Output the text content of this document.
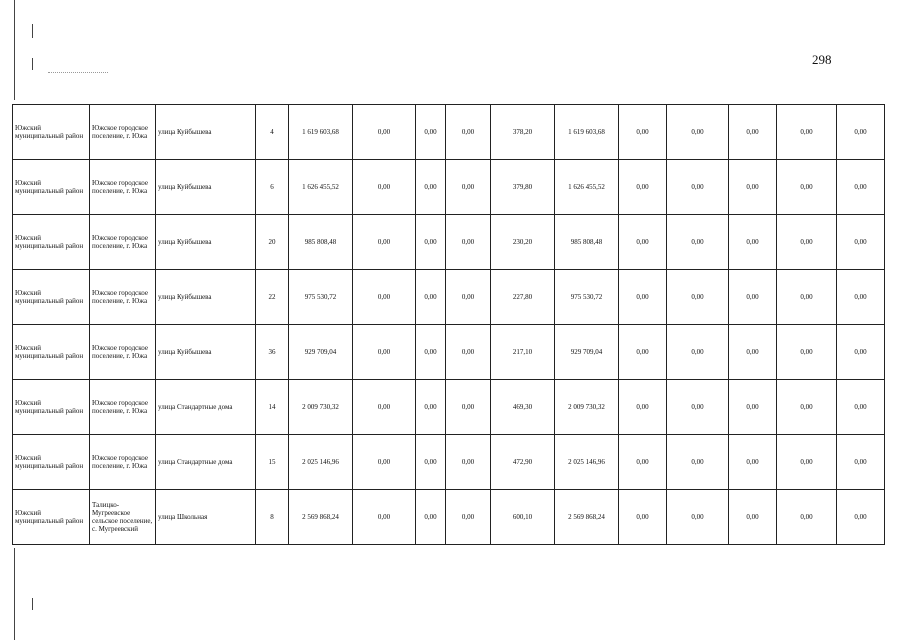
298
Южский муниципальный район	Южское городское поселение, г. Южа	улица Куйбышева	4	1 619 603,68	0,00	0,00	0,00	378,20	1 619 603,68	0,00	0,00	0,00	0,00	0,00
Южский муниципальный район	Южское городское поселение, г. Южа	улица Куйбышева	6	1 626 455,52	0,00	0,00	0,00	379,80	1 626 455,52	0,00	0,00	0,00	0,00	0,00
Южский муниципальный район	Южское городское поселение, г. Южа	улица Куйбышева	20	985 808,48	0,00	0,00	0,00	230,20	985 808,48	0,00	0,00	0,00	0,00	0,00
Южский муниципальный район	Южское городское поселение, г. Южа	улица Куйбышева	22	975 530,72	0,00	0,00	0,00	227,80	975 530,72	0,00	0,00	0,00	0,00	0,00
Южский муниципальный район	Южское городское поселение, г. Южа	улица Куйбышева	36	929 709,04	0,00	0,00	0,00	217,10	929 709,04	0,00	0,00	0,00	0,00	0,00
Южский муниципальный район	Южское городское поселение, г. Южа	улица Стандартные дома	14	2 009 730,32	0,00	0,00	0,00	469,30	2 009 730,32	0,00	0,00	0,00	0,00	0,00
Южский муниципальный район	Южское городское поселение, г. Южа	улица Стандартные дома	15	2 025 146,96	0,00	0,00	0,00	472,90	2 025 146,96	0,00	0,00	0,00	0,00	0,00
Южский муниципальный район	Талицко-Мугреевское сельское поселение, с. Мугреевский	улица Школьная	8	2 569 868,24	0,00	0,00	0,00	600,10	2 569 868,24	0,00	0,00	0,00	0,00	0,00
